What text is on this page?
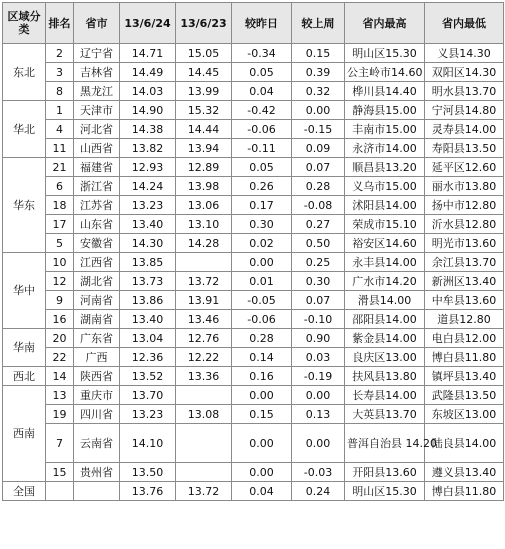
区域分类	排名	省市	13/6/24	13/6/23	较昨日	较上周	省内最高	省内最低
东北	2	辽宁省	14.71	15.05	-0.34	0.15	明山区15.30	义县14.30
	3	吉林省	14.49	14.45	0.05	0.39	公主岭市14.60	双阳区14.30
	8	黑龙江	14.03	13.99	0.04	0.32	桦川县14.40	明水县13.70
华北	1	天津市	14.90	15.32	-0.42	0.00	静海县15.00	宁河县14.80
	4	河北省	14.38	14.44	-0.06	-0.15	丰南市15.00	灵寿县14.00
	11	山西省	13.82	13.94	-0.11	0.09	永济市14.00	寿阳县13.50
华东	21	福建省	12.93	12.89	0.05	0.07	顺昌县13.20	延平区12.60
	6	浙江省	14.24	13.98	0.26	0.28	义乌市15.00	丽水市13.80
	18	江苏省	13.23	13.06	0.17	-0.08	沭阳县14.00	扬中市12.80
	17	山东省	13.40	13.10	0.30	0.27	荣成市15.10	沂水县12.80
	5	安徽省	14.30	14.28	0.02	0.50	裕安区14.60	明光市13.60
华中	10	江西省	13.85		0.00	0.25	永丰县14.00	余江县13.70
	12	湖北省	13.73	13.72	0.01	0.30	广水市14.20	新洲区13.40
	9	河南省	13.86	13.91	-0.05	0.07	滑县14.00	中牟县13.60
	16	湖南省	13.40	13.46	-0.06	-0.10	邵阳县14.00	道县12.80
华南	20	广东省	13.04	12.76	0.28	0.90	紫金县14.00	电白县12.00
	22	广西	12.36	12.22	0.14	0.03	良庆区13.00	博白县11.80
西北	14	陕西省	13.52	13.36	0.16	-0.19	扶风县13.80	镇坪县13.40
西南	13	重庆市	13.70		0.00	0.00	长寿县14.00	武隆县13.50
	19	四川省	13.23	13.08	0.15	0.13	大英县13.70	东坡区13.00
	7	云南省	14.10		0.00	0.00	普洱自治县 14.20	陆良县14.00
	15	贵州省	13.50		0.00	-0.03	开阳县13.60	遵义县13.40
全国			13.76	13.72	0.04	0.24	明山区15.30	博白县11.80
